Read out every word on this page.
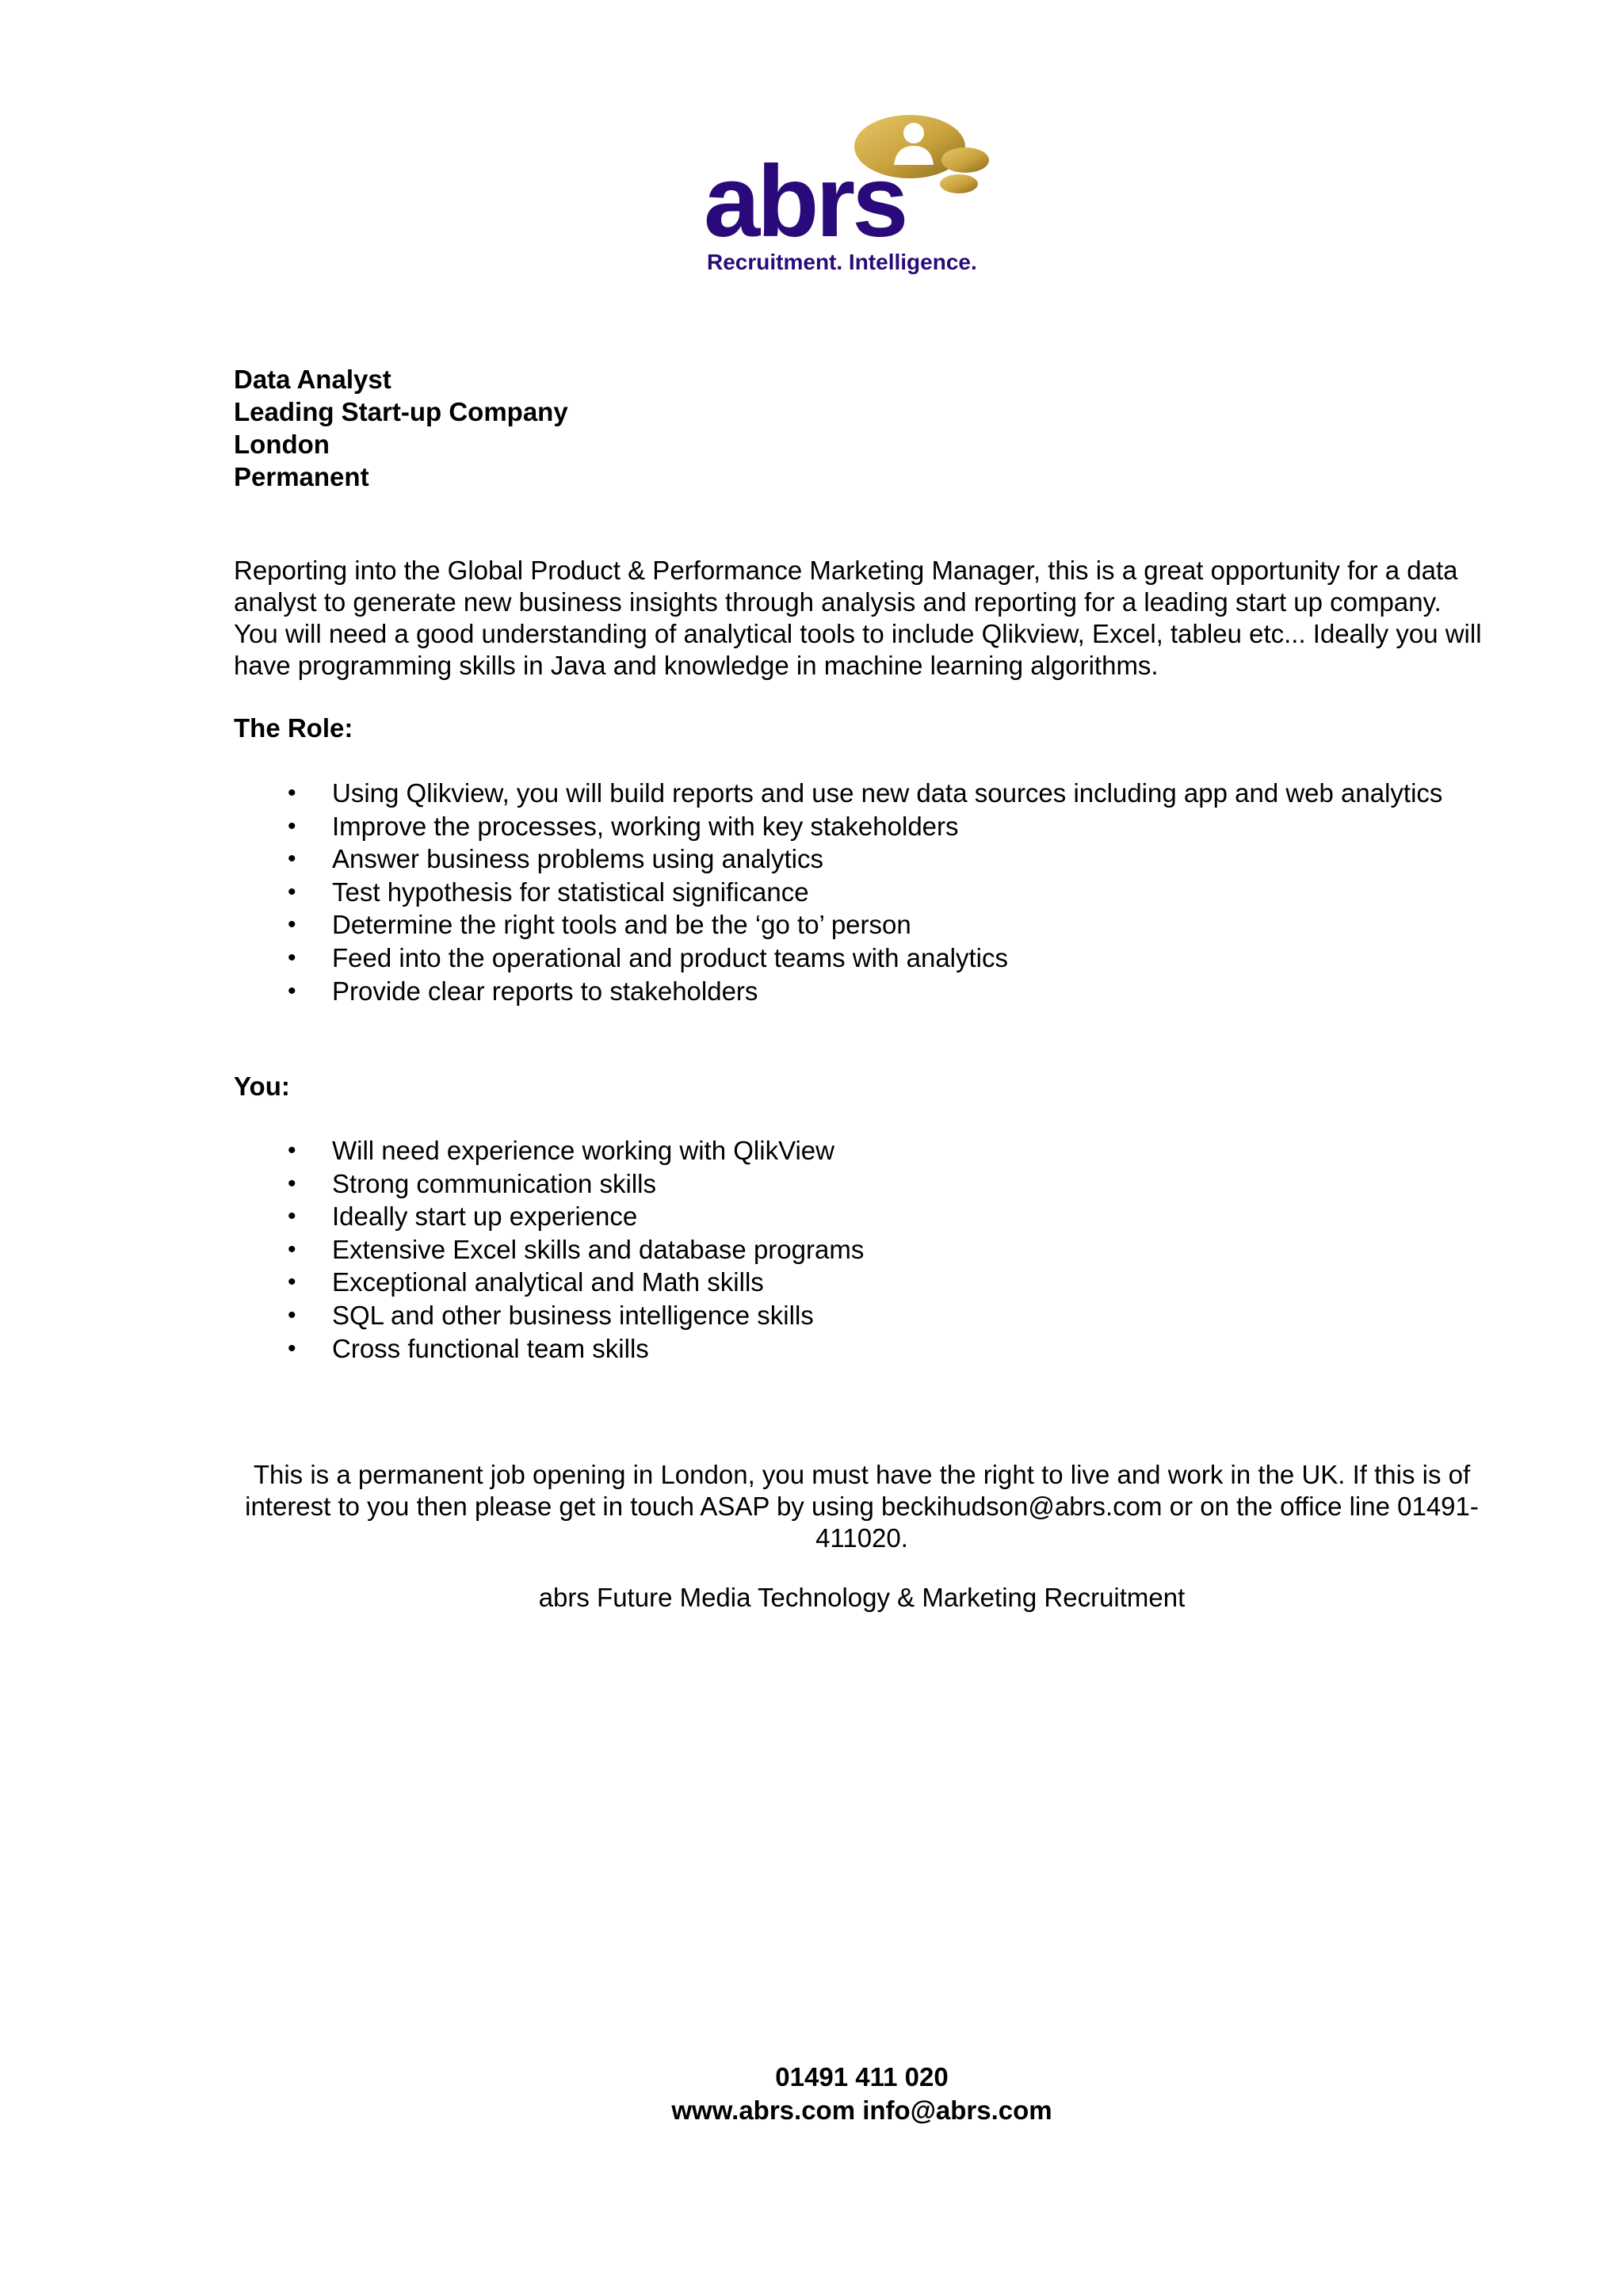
abrs
Recruitment. Intelligence.
Data Analyst
Leading Start-up Company
London
Permanent

Reporting into the Global Product & Performance Marketing Manager, this is a great opportunity for a data analyst to generate new business insights through analysis and reporting for a leading start up company. You will need a good understanding of analytical tools to include Qlikview, Excel, tableu etc... Ideally you will have programming skills in Java and knowledge in machine learning algorithms.

The Role:
• Using Qlikview, you will build reports and use new data sources including app and web analytics
• Improve the processes, working with key stakeholders
• Answer business problems using analytics
• Test hypothesis for statistical significance
• Determine the right tools and be the ‘go to’ person
• Feed into the operational and product teams with analytics
• Provide clear reports to stakeholders
You:
• Will need experience working with QlikView
• Strong communication skills
• Ideally start up experience
• Extensive Excel skills and database programs
• Exceptional analytical and Math skills
• SQL and other business intelligence skills
• Cross functional team skills

This is a permanent job opening in London, you must have the right to live and work in the UK. If this is of interest to you then please get in touch ASAP by using beckihudson@abrs.com or on the office line 01491-411020.

abrs Future Media Technology & Marketing Recruitment

01491 411 020
www.abrs.com info@abrs.com
